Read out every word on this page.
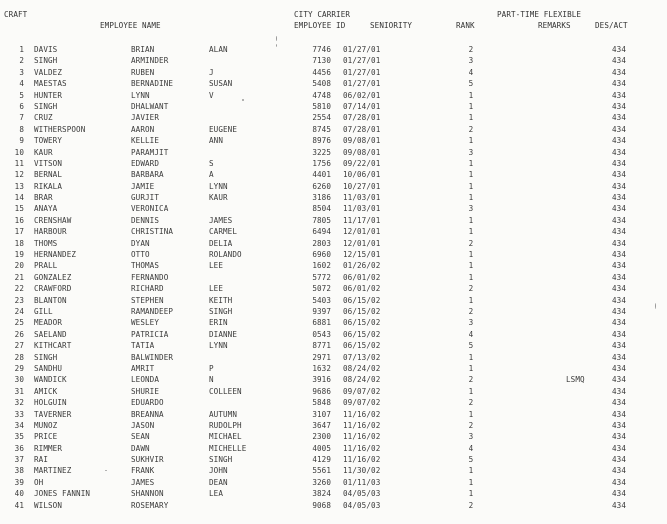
CRAFT
EMPLOYEE NAME
CITY CARRIER
EMPLOYEE ID	SENIORITY	RANK
PART-TIME FLEXIBLE
REMARKS	DES/ACT
1 DAVIS	BRIAN	ALAN	7746 01/27/01	2	434
2 SINGH	ARMINDER	7130 01/27/01	3	434
3 VALDEZ	RUBEN	J	4456 01/27/01	4	434
4 MAESTAS	BERNADINE	SUSAN	5408 01/27/01	5	434
5 HUNTER	LYNN	V	4748 06/02/01	1	434
6 SINGH	DHALWANT	5810 07/14/01	1	434
7 CRUZ	JAVIER	2554 07/28/01	1	434
8 WITHERSPOON	AARON	EUGENE	8745 07/28/01	2	434
9 TOWERY	KELLIE	ANN	8976 09/08/01	1	434
10 KAUR	PARAMJIT	3225 09/08/01	3	434
11 VITSON	EDWARD	S	1756 09/22/01	1	434
12 BERNAL	BARBARA	A	4401 10/06/01	1	434
13 RIKALA	JAMIE	LYNN	6260 10/27/01	1	434
14 BRAR	GURJIT	KAUR	3186 11/03/01	1	434
15 ANAYA	VERONICA	8504 11/03/01	3	434
16 CRENSHAW	DENNIS	JAMES	7805 11/17/01	1	434
17 HARBOUR	CHRISTINA	CARMEL	6494 12/01/01	1	434
18 THOMS	DYAN	DELIA	2803 12/01/01	2	434
19 HERNANDEZ	OTTO	ROLANDO	6960 12/15/01	1	434
20 PRALL	THOMAS	LEE	1602 01/26/02	1	434
21 GONZALEZ	FERNANDO	5772 06/01/02	1	434
22 CRAWFORD	RICHARD	LEE	5072 06/01/02	2	434
23 BLANTON	STEPHEN	KEITH	5403 06/15/02	1	434
24 GILL	RAMANDEEP	SINGH	9397 06/15/02	2	434
25 MEADOR	WESLEY	ERIN	6881 06/15/02	3	434
26 SAELAND	PATRICIA	DIANNE	0543 06/15/02	4	434
27 KITHCART	TATIA	LYNN	8771 06/15/02	5	434
28 SINGH	BALWINDER	2971 07/13/02	1	434
29 SANDHU	AMRIT	P	1632 08/24/02	1	434
30 WANDICK	LEONDA	N	3916 08/24/02	2	LSMQ	434
31 AMICK	SHURIE	COLLEEN	9686 09/07/02	1	434
32 HOLGUIN	EDUARDO	5848 09/07/02	2	434
33 TAVERNER	BREANNA	AUTUMN	3107 11/16/02	1	434
34 MUNOZ	JASON	RUDOLPH	3647 11/16/02	2	434
35 PRICE	SEAN	MICHAEL	2300 11/16/02	3	434
36 RIMMER	DAWN	MICHELLE	4005 11/16/02	4	434
37 RAI	SUKHVIR	SINGH	4129 11/16/02	5	434
38 MARTINEZ	FRANK	JOHN	5561 11/30/02	1	434
39 OH	JAMES	DEAN	3260 01/11/03	1	434
40 JONES FANNIN	SHANNON	LEA	3824 04/05/03	1	434
41 WILSON	ROSEMARY	9068 04/05/03	2	434
